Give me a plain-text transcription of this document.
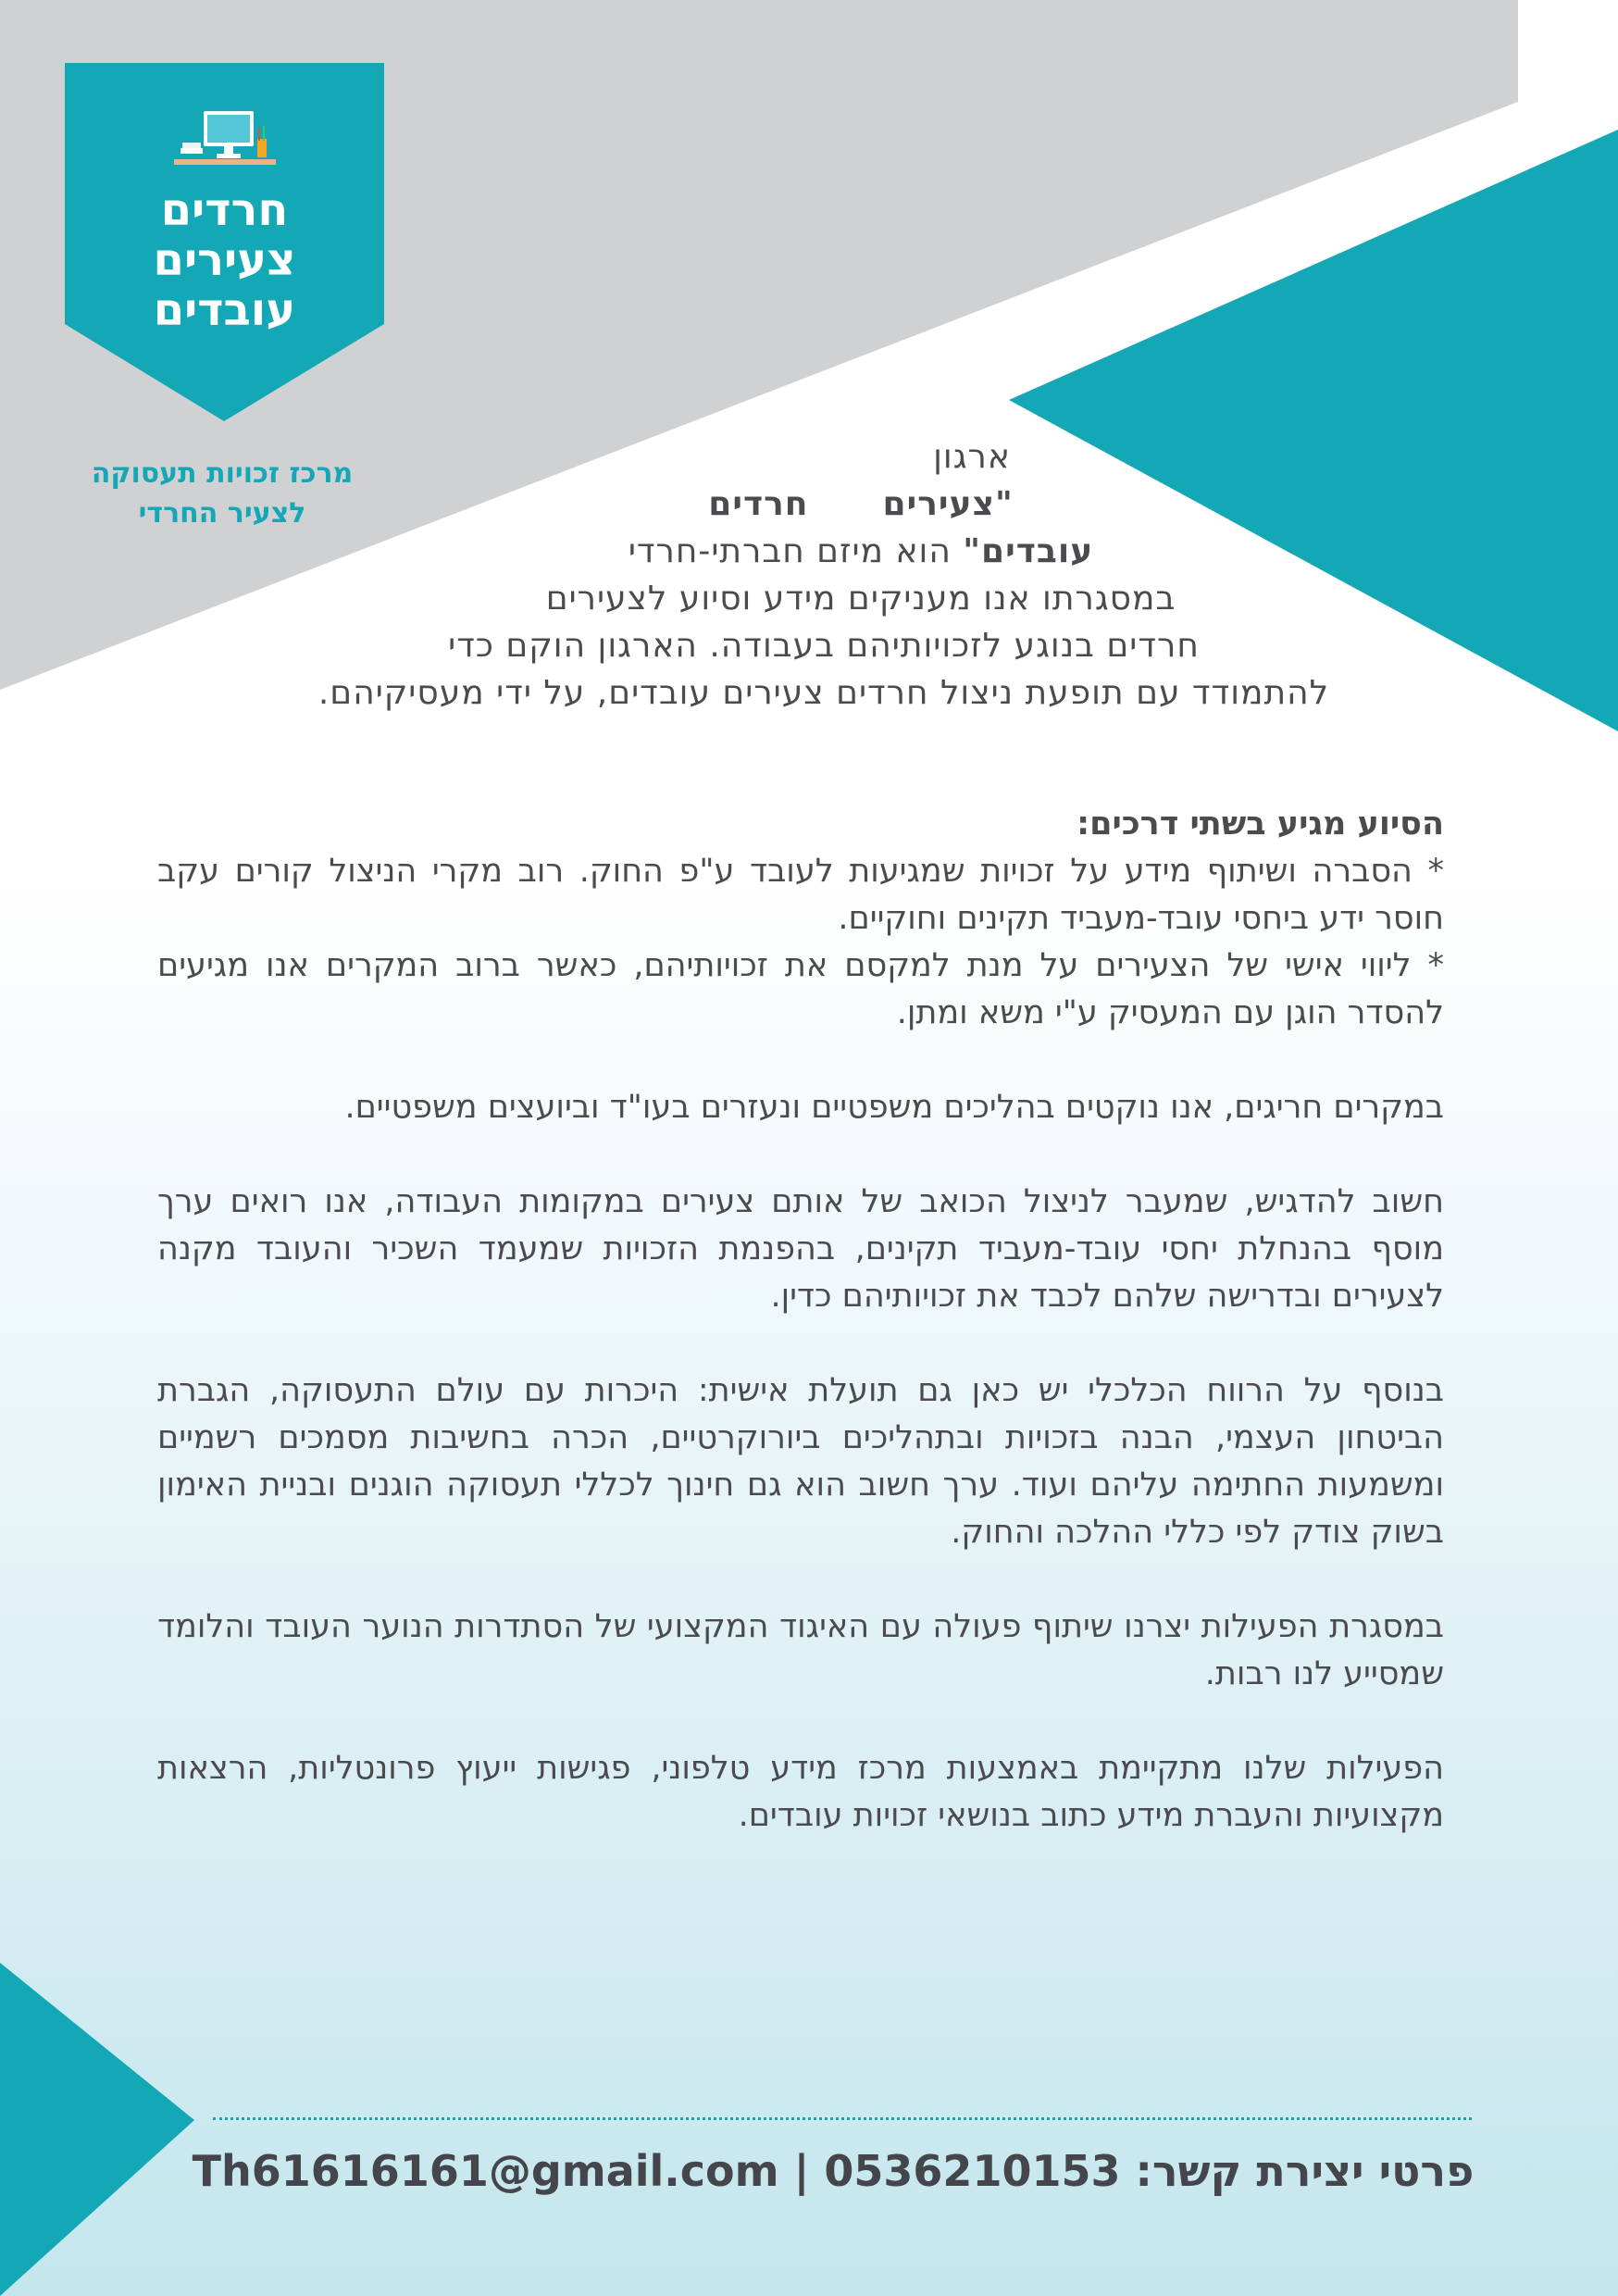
חרדים
צעירים
עובדים
מרכז זכויות תעסוקה
לצעיר החרדי
ארגון
"צעיריםחרדים
עובדים" הוא מיזם חברתי-חרדי
במסגרתו אנו מעניקים מידע וסיוע לצעירים
חרדים בנוגע לזכויותיהם בעבודה. הארגון הוקם כדי
להתמודד עם תופעת ניצול חרדים צעירים עובדים, על ידי מעסיקיהם.

הסיוע מגיע בשתי דרכים:
* הסברה ושיתוף מידע על זכויות שמגיעות לעובד ע"פ החוק. רוב מקרי הניצול קורים עקב חוסר ידע ביחסי עובד-מעביד תקינים וחוקיים.
* ליווי אישי של הצעירים על מנת למקסם את זכויותיהם, כאשר ברוב המקרים אנו מגיעים להסדר הוגן עם המעסיק ע"י משא ומתן.

במקרים חריגים, אנו נוקטים בהליכים משפטיים ונעזרים בעו"ד וביועצים משפטיים.

חשוב להדגיש, שמעבר לניצול הכואב של אותם צעירים במקומות העבודה, אנו רואים ערך מוסף בהנחלת יחסי עובד-מעביד תקינים, בהפנמת הזכויות שמעמד השכיר והעובד מקנה לצעירים ובדרישה שלהם לכבד את זכויותיהם כדין.

בנוסף על הרווח הכלכלי יש כאן גם תועלת אישית: היכרות עם עולם התעסוקה, הגברת הביטחון העצמי, הבנה בזכויות ובתהליכים ביורוקרטיים, הכרה בחשיבות מסמכים רשמיים ומשמעות החתימה עליהם ועוד. ערך חשוב הוא גם חינוך לכללי תעסוקה הוגנים ובניית האימון בשוק צודק לפי כללי ההלכה והחוק.

במסגרת הפעילות יצרנו שיתוף פעולה עם האיגוד המקצועי של הסתדרות הנוער העובד והלומד שמסייע לנו רבות.

הפעילות שלנו מתקיימת באמצעות מרכז מידע טלפוני, פגישות ייעוץ פרונטליות, הרצאות מקצועיות והעברת מידע כתוב בנושאי זכויות עובדים.

Th61616161@gmail.com | 0536210153 פרטי יצירת קשר:
